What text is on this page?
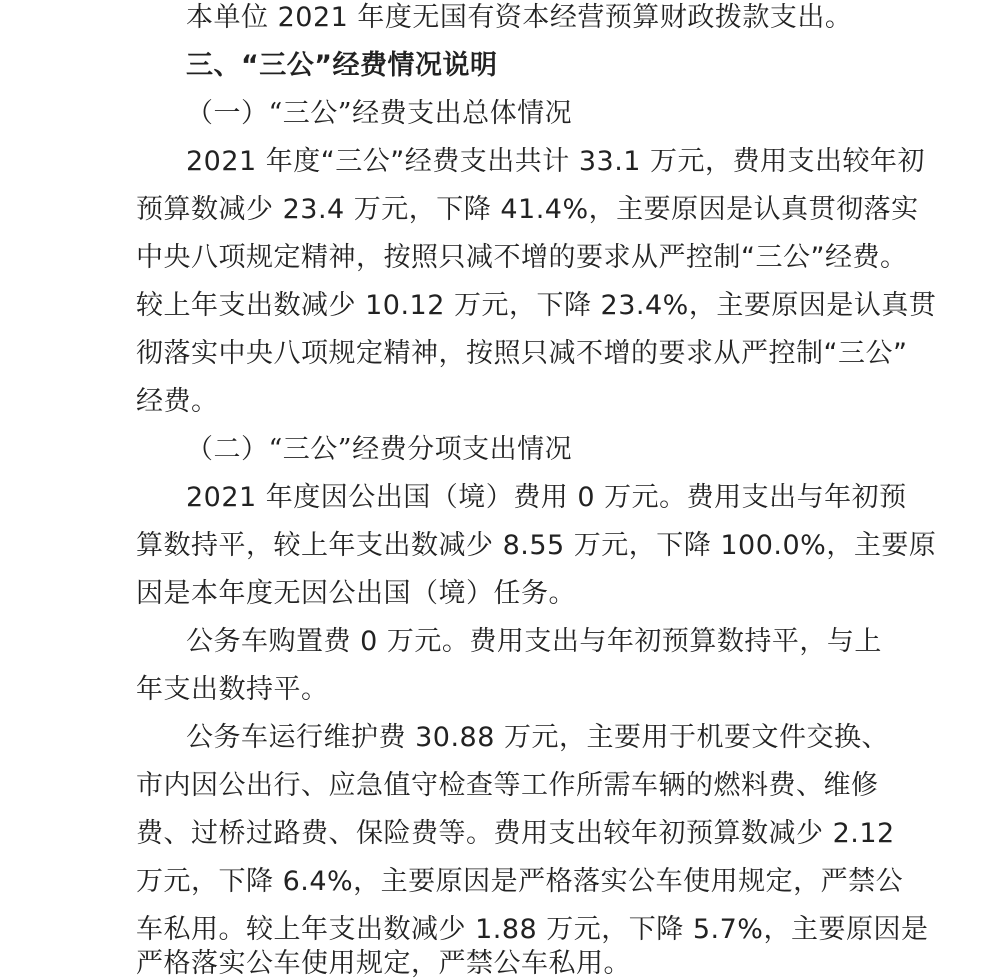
本单位 2021 年度无国有资本经营预算财政拨款支出。
三、“三公”经费情况说明
（一）“三公”经费支出总体情况
2021 年度“三公”经费支出共计 33.1 万元，费用支出较年初
预算数减少 23.4 万元，下降 41.4%，主要原因是认真贯彻落实
中央八项规定精神，按照只减不增的要求从严控制“三公”经费。
较上年支出数减少 10.12 万元，下降 23.4%，主要原因是认真贯
彻落实中央八项规定精神，按照只减不增的要求从严控制“三公”
经费。
（二）“三公”经费分项支出情况
2021 年度因公出国（境）费用 0 万元。费用支出与年初预
算数持平，较上年支出数减少 8.55 万元，下降 100.0%，主要原
因是本年度无因公出国（境）任务。
公务车购置费 0 万元。费用支出与年初预算数持平，与上
年支出数持平。
公务车运行维护费 30.88 万元，主要用于机要文件交换、
市内因公出行、应急值守检查等工作所需车辆的燃料费、维修
费、过桥过路费、保险费等。费用支出较年初预算数减少 2.12
万元，下降 6.4%，主要原因是严格落实公车使用规定，严禁公
车私用。较上年支出数减少 1.88 万元，下降 5.7%，主要原因是
严格落实公车使用规定，严禁公车私用。
